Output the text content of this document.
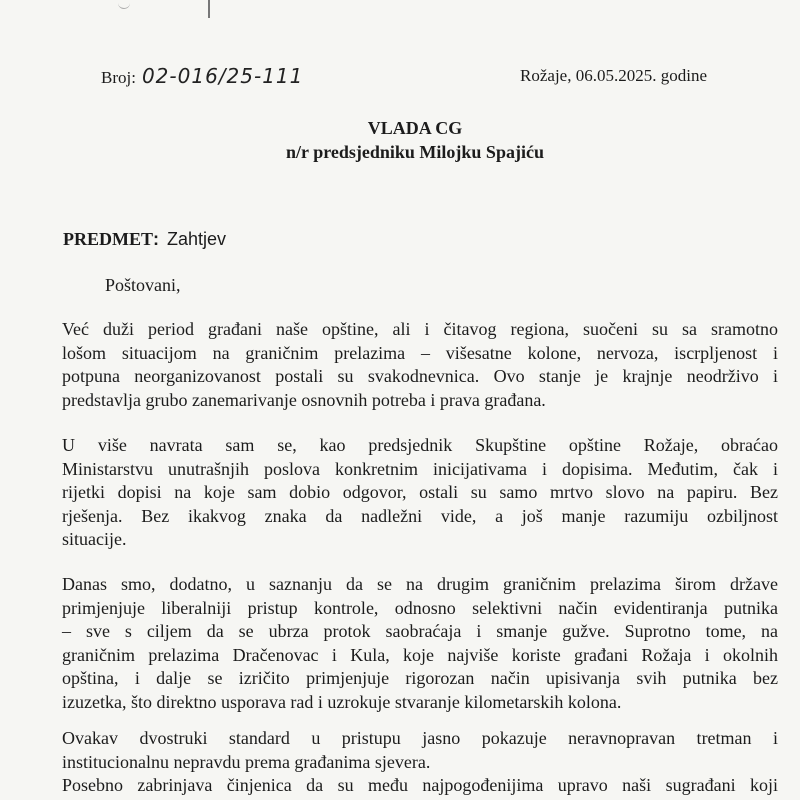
Broj: 02-016/25-111	Rožaje, 06.05.2025. godine
VLADA CG
n/r predsjedniku Milojku Spajiću
PREDMET: Zahtjev
Poštovani,
Već duži period građani naše opštine, ali i čitavog regiona, suočeni su sa sramotno
lošom situacijom na graničnim prelazima – višesatne kolone, nervoza, iscrpljenost i
potpuna neorganizovanost postali su svakodnevnica. Ovo stanje je krajnje neodrživo i
predstavlja grubo zanemarivanje osnovnih potreba i prava građana.
U više navrata sam se, kao predsjednik Skupštine opštine Rožaje, obraćao
Ministarstvu unutrašnjih poslova konkretnim inicijativama i dopisima. Međutim, čak i
rijetki dopisi na koje sam dobio odgovor, ostali su samo mrtvo slovo na papiru. Bez
rješenja. Bez ikakvog znaka da nadležni vide, a još manje razumiju ozbiljnost
situacije.
Danas smo, dodatno, u saznanju da se na drugim graničnim prelazima širom države
primjenjuje liberalniji pristup kontrole, odnosno selektivni način evidentiranja putnika
– sve s ciljem da se ubrza protok saobraćaja i smanje gužve. Suprotno tome, na
graničnim prelazima Dračenovac i Kula, koje najviše koriste građani Rožaja i okolnih
opština, i dalje se izričito primjenjuje rigorozan način upisivanja svih putnika bez
izuzetka, što direktno usporava rad i uzrokuje stvaranje kilometarskih kolona.
Ovakav dvostruki standard u pristupu jasno pokazuje neravnopravan tretman i
institucionalnu nepravdu prema građanima sjevera.
Posebno zabrinjava činjenica da su među najpogođenijima upravo naši sugrađani koji
